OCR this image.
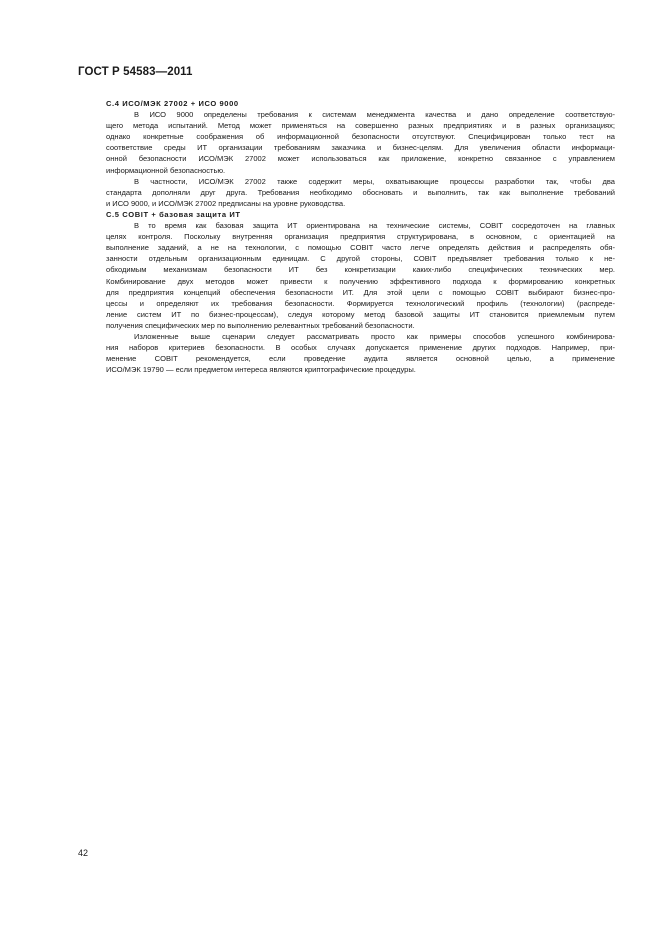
ГОСТ Р 54583—2011

С.4 ИСО/МЭК 27002 + ИСО 9000

В ИСО 9000 определены требования к системам менеджмента качества и дано определение соответствую-
щего метода испытаний. Метод может применяться на совершенно разных предприятиях и в разных организациях;
однако конкретные соображения об информационной безопасности отсутствуют. Специфицирован только тест на
соответствие среды ИТ организации требованиям заказчика и бизнес-целям. Для увеличения области информаци-
онной безопасности ИСО/МЭК 27002 может использоваться как приложение, конкретно связанное с управлением
информационной безопасностью.

В частности, ИСО/МЭК 27002 также содержит меры, охватывающие процессы разработки так, чтобы два
стандарта дополняли друг друга. Требования необходимо обосновать и выполнить, так как выполнение требований
и ИСО 9000, и ИСО/МЭК 27002 предписаны на уровне руководства.

С.5 COBIT + базовая защита ИТ

В то время как базовая защита ИТ ориентирована на технические системы, COBIT сосредоточен на главных
целях контроля. Поскольку внутренняя организация предприятия структурирована, в основном, с ориентацией на
выполнение заданий, а не на технологии, с помощью COBIT часто легче определять действия и распределять обя-
занности отдельным организационным единицам. С другой стороны, COBIT предъявляет требования только к не-
обходимым механизмам безопасности ИТ без конкретизации каких-либо специфических технических мер.
Комбинирование двух методов может привести к получению эффективного подхода к формированию конкретных
для предприятия концепций обеспечения безопасности ИТ. Для этой цели с помощью COBIT выбирают бизнес-про-
цессы и определяют их требования безопасности. Формируется технологический профиль (технологии) (распреде-
ление систем ИТ по бизнес-процессам), следуя которому метод базовой защиты ИТ становится приемлемым путем
получения специфических мер по выполнению релевантных требований безопасности.

Изложенные выше сценарии следует рассматривать просто как примеры способов успешного комбинирова-
ния наборов критериев безопасности. В особых случаях допускается применение других подходов. Например, при-
менение COBIT рекомендуется, если проведение аудита является основной целью, а применение
ИСО/МЭК 19790 — если предметом интереса являются криптографические процедуры.

42
